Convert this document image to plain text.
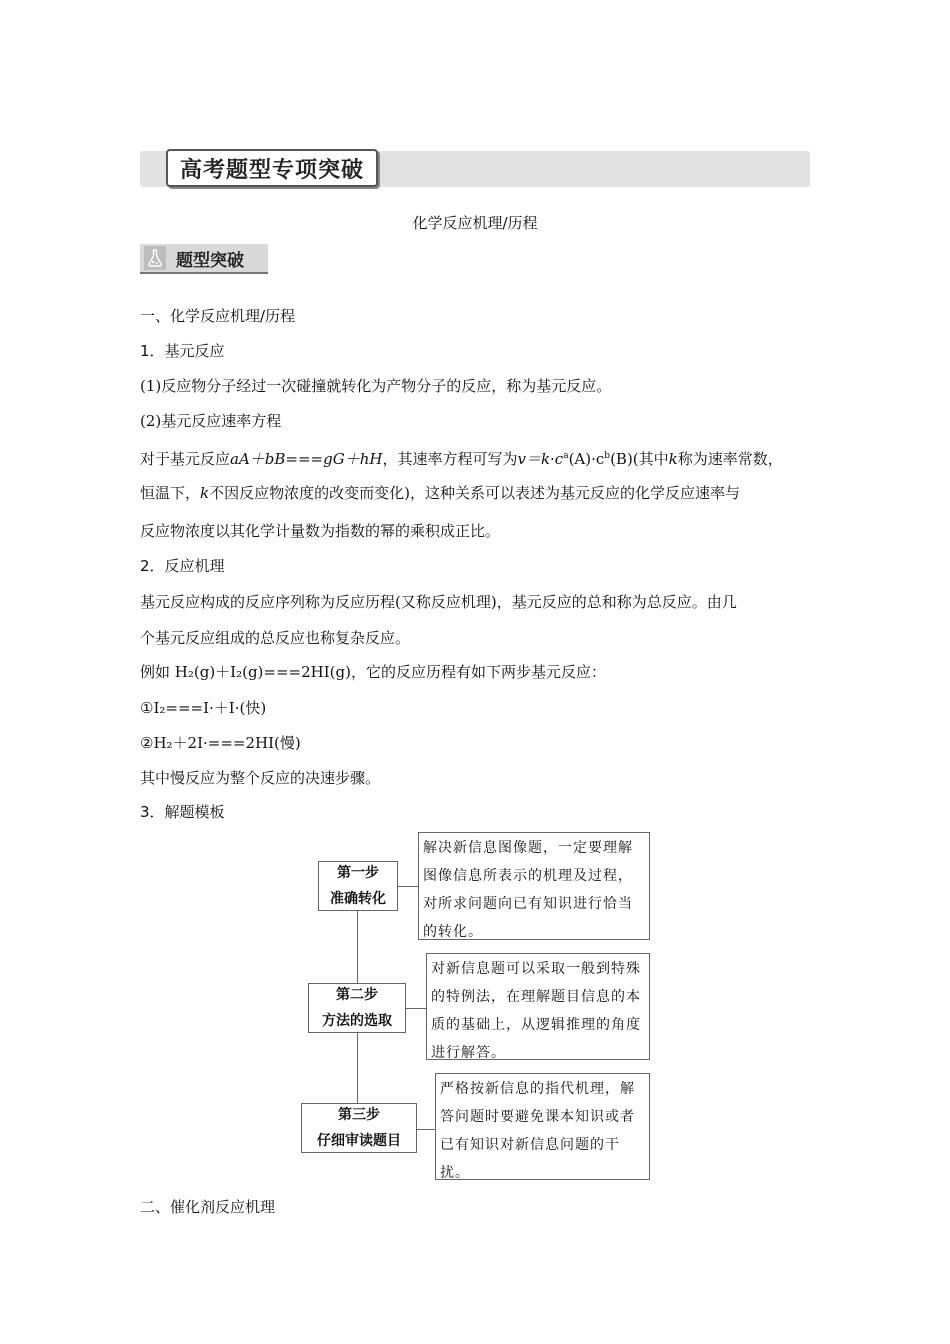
高考题型专项突破
化学反应机理/历程
题型突破
一、化学反应机理/历程
1．基元反应
(1)反应物分子经过一次碰撞就转化为产物分子的反应，称为基元反应。
(2)基元反应速率方程
对于基元反应aA＋bB===gG＋hH，其速率方程可写为$v=k\cdot c^a(A)\cdot c^b(B)$(其中k称为速率常数，
恒温下，k不因反应物浓度的改变而变化)，这种关系可以表述为基元反应的化学反应速率与
反应物浓度以其化学计量数为指数的幂的乘积成正比。
2．反应机理
基元反应构成的反应序列称为反应历程(又称反应机理)，基元反应的总和称为总反应。由几
个基元反应组成的总反应也称复杂反应。
例如 H₂(g)＋I₂(g)===2HI(g)，它的反应历程有如下两步基元反应：
①I₂===I·＋I·(快)
②H₂＋2I·===2HI(慢)
其中慢反应为整个反应的决速步骤。
3．解题模板
第一步
准确转化
解决新信息图像题，一定要理解图像信息所表示的机理及过程，对所求问题向已有知识进行恰当的转化。
第二步
方法的选取
对新信息题可以采取一般到特殊的特例法，在理解题目信息的本质的基础上，从逻辑推理的角度进行解答。
第三步
仔细审读题目
严格按新信息的指代机理，解答问题时要避免课本知识或者已有知识对新信息问题的干扰。
二、催化剂反应机理
